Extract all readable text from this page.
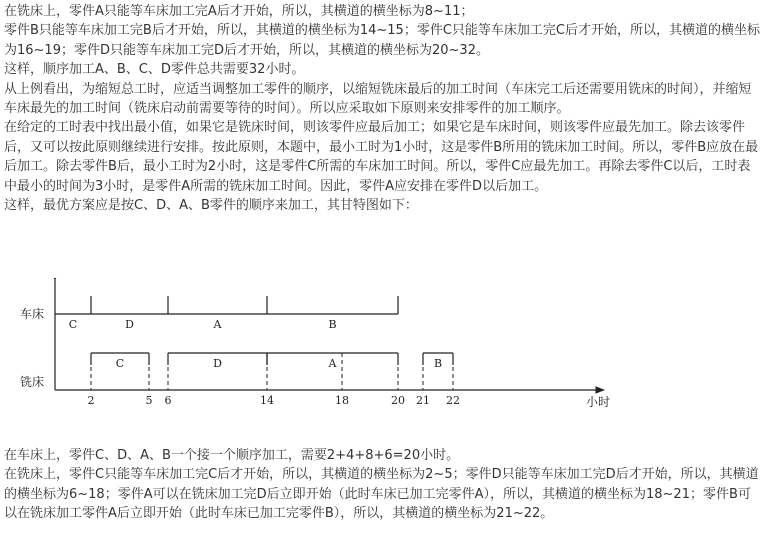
在铣床上，零件A只能等车床加工完A后才开始，所以，其横道的横坐标为8~11；

零件B只能等车床加工完B后才开始，所以，其横道的横坐标为14~15；零件C只能等车床加工完C后才开始，所以，其横道的横坐标为16~19；零件D只能等车床加工完D后才开始，所以，其横道的横坐标为20~32。

这样，顺序加工A、B、C、D零件总共需要32小时。

从上例看出，为缩短总工时，应适当调整加工零件的顺序，以缩短铣床最后的加工时间（车床完工后还需要用铣床的时间），并缩短车床最先的加工时间（铣床启动前需要等待的时间）。所以应采取如下原则来安排零件的加工顺序。

在给定的工时表中找出最小值，如果它是铣床时间，则该零件应最后加工；如果它是车床时间，则该零件应最先加工。除去该零件后，又可以按此原则继续进行安排。按此原则，本题中，最小工时为1小时，这是零件B所用的铣床加工时间。所以，零件B应放在最后加工。除去零件B后，最小工时为2小时，这是零件C所需的车床加工时间。所以，零件C应最先加工。再除去零件C以后，工时表中最小的时间为3小时，是零件A所需的铣床加工时间。因此，零件A应安排在零件D以后加工。

这样，最优方案应是按C、D、A、B零件的顺序来加工，其甘特图如下：

车床
铣床
小时
C	D	A	B
C	D	A	B
2	5 6	14	18	20 21 22

在车床上，零件C、D、A、B一个接一个顺序加工，需要2+4+8+6=20小时。

在铣床上，零件C只能等车床加工完C后才开始，所以，其横道的横坐标为2~5；零件D只能等车床加工完D后才开始，所以，其横道的横坐标为6~18；零件A可以在铣床加工完D后立即开始（此时车床已加工完零件A），所以，其横道的横坐标为18~21；零件B可以在铣床加工零件A后立即开始（此时车床已加工完零件B），所以，其横道的横坐标为21~22。
